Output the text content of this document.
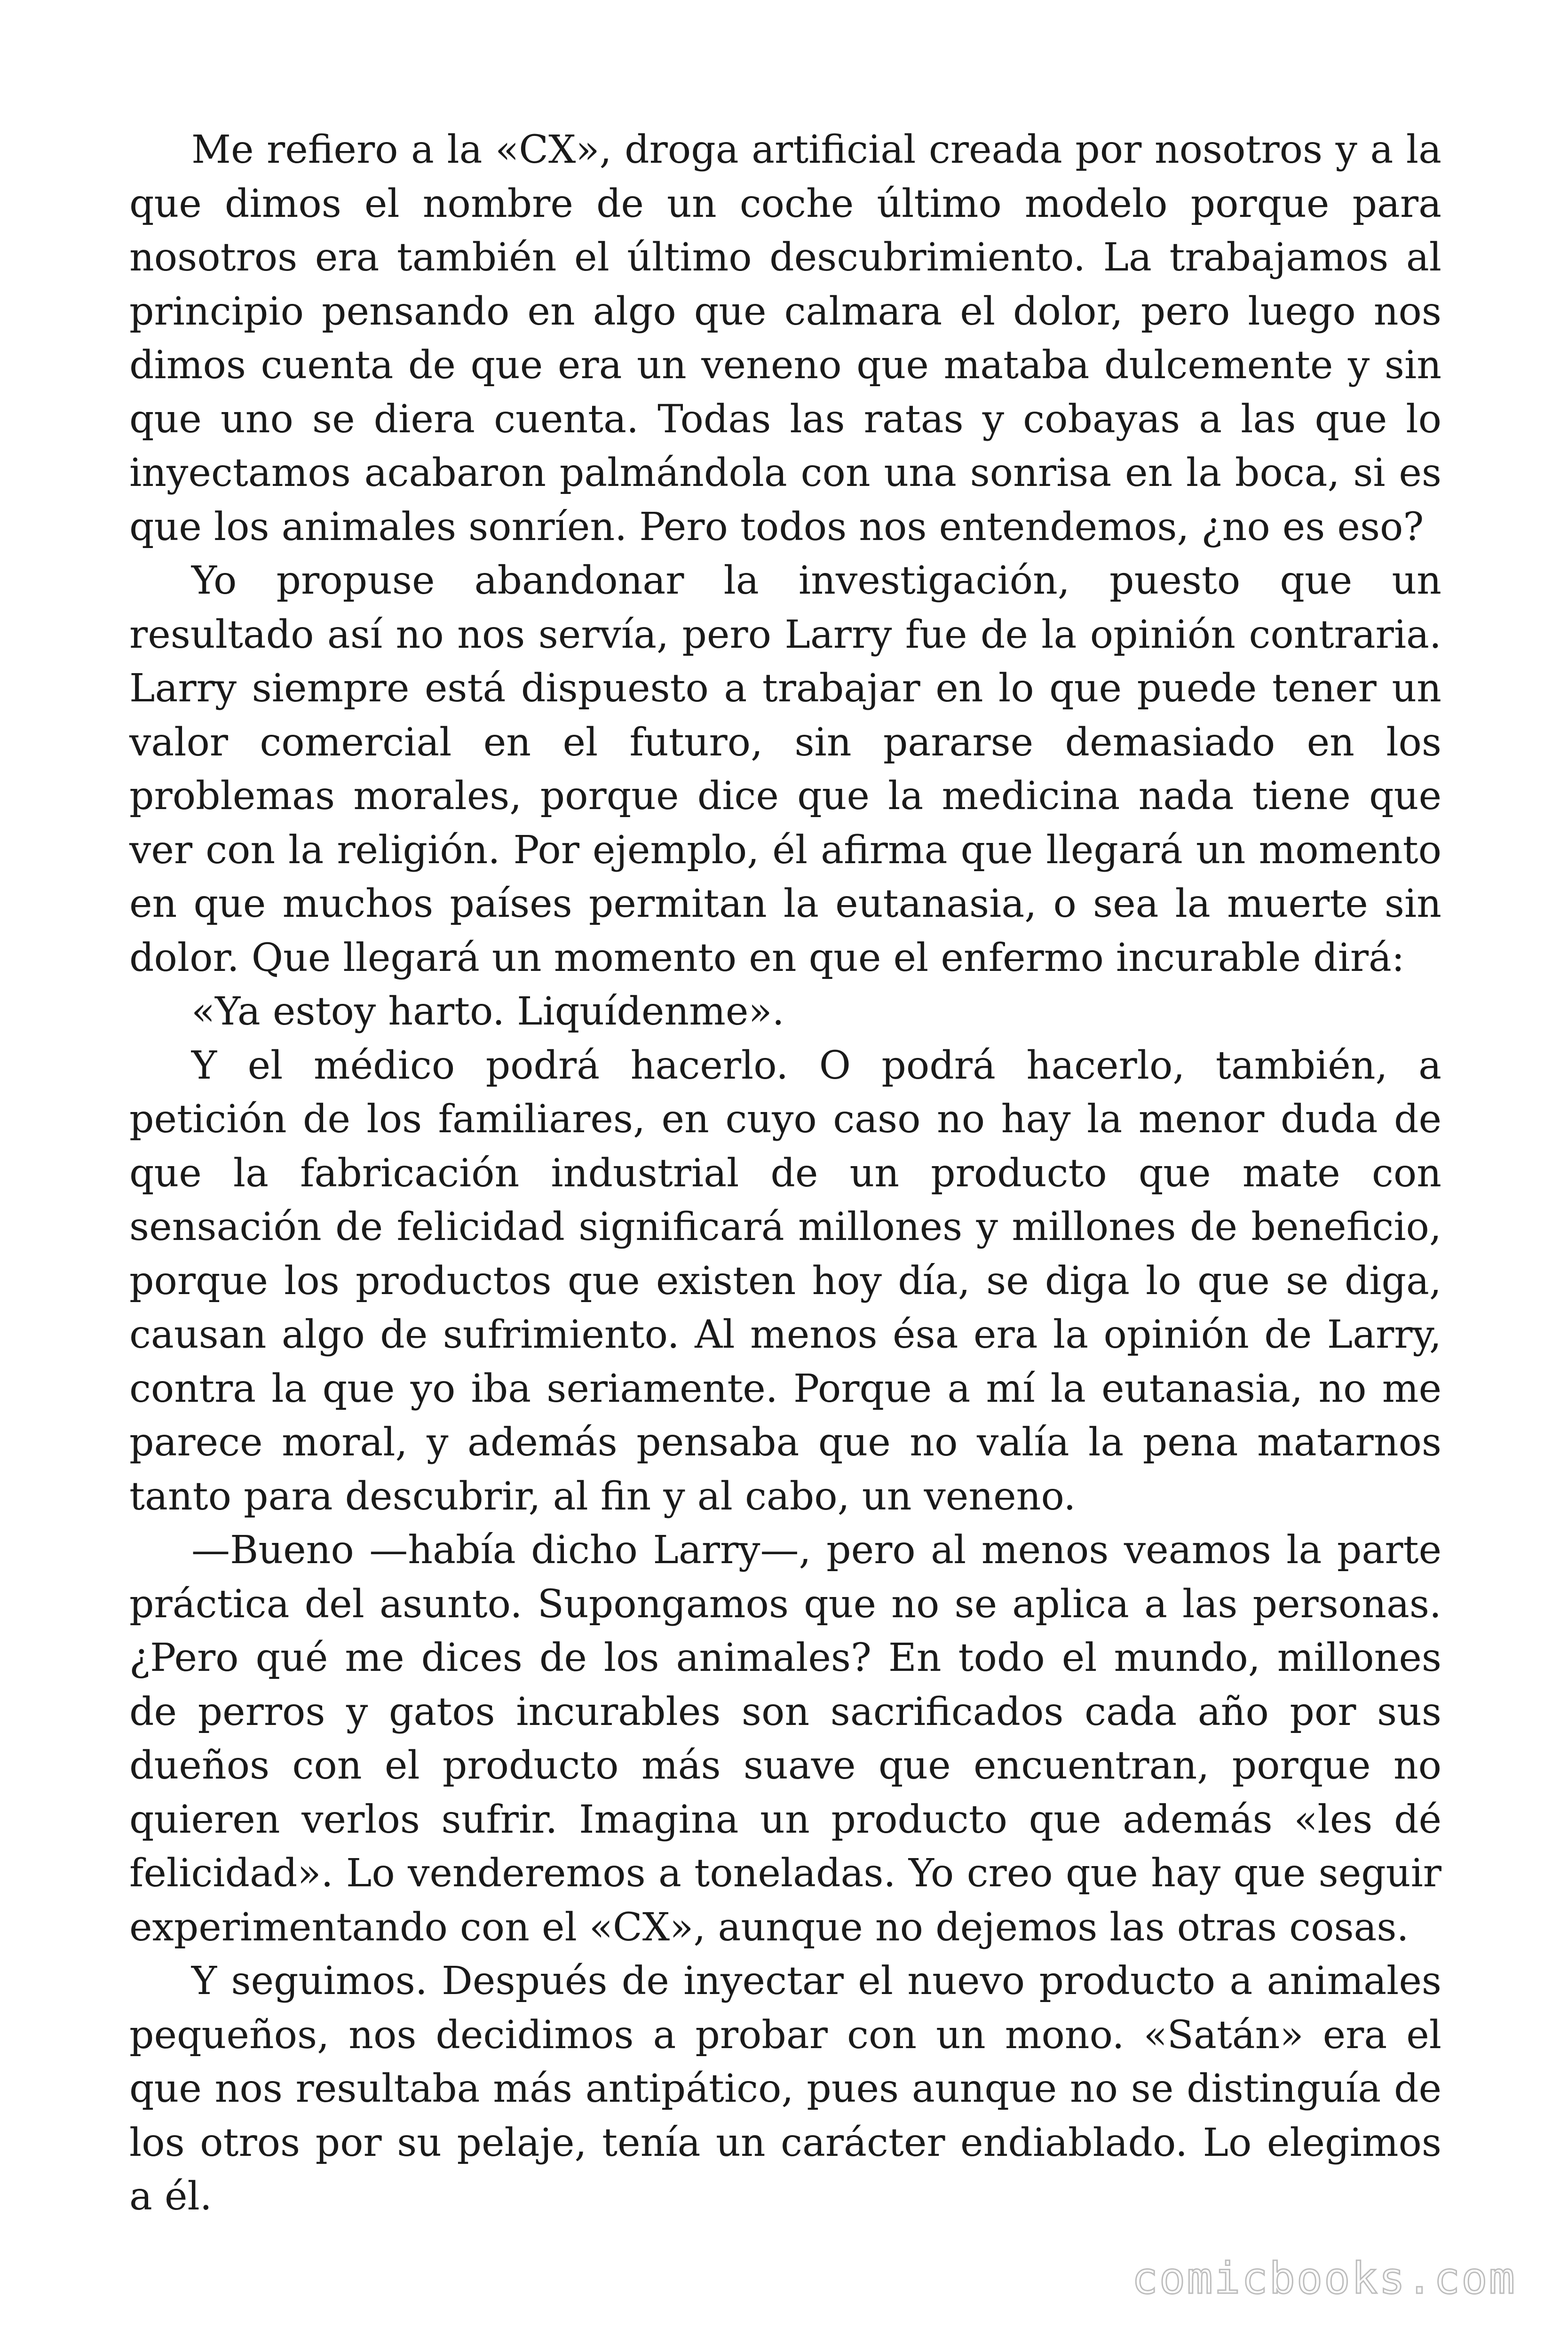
Me refiero a la «CX», droga artificial creada por nosotros y a la que dimos el nombre de un coche último modelo porque para nosotros era también el último descubrimiento. La trabajamos al principio pensando en algo que calmara el dolor, pero luego nos dimos cuenta de que era un veneno que mataba dulcemente y sin que uno se diera cuenta. Todas las ratas y cobayas a las que lo inyectamos acabaron palmándola con una sonrisa en la boca, si es que los animales sonríen. Pero todos nos entendemos, ¿no es eso?

Yo propuse abandonar la investigación, puesto que un resultado así no nos servía, pero Larry fue de la opinión contraria. Larry siempre está dispuesto a trabajar en lo que puede tener un valor comercial en el futuro, sin pararse demasiado en los problemas morales, porque dice que la medicina nada tiene que ver con la religión. Por ejemplo, él afirma que llegará un momento en que muchos países permitan la eutanasia, o sea la muerte sin dolor. Que llegará un momento en que el enfermo incurable dirá:

«Ya estoy harto. Liquídenme».

Y el médico podrá hacerlo. O podrá hacerlo, también, a petición de los familiares, en cuyo caso no hay la menor duda de que la fabricación industrial de un producto que mate con sensación de felicidad significará millones y millones de beneficio, porque los productos que existen hoy día, se diga lo que se diga, causan algo de sufrimiento. Al menos ésa era la opinión de Larry, contra la que yo iba seriamente. Porque a mí la eutanasia, no me parece moral, y además pensaba que no valía la pena matarnos tanto para descubrir, al fin y al cabo, un veneno.

—Bueno —había dicho Larry—, pero al menos veamos la parte práctica del asunto. Supongamos que no se aplica a las personas. ¿Pero qué me dices de los animales? En todo el mundo, millones de perros y gatos incurables son sacrificados cada año por sus dueños con el producto más suave que encuentran, porque no quieren verlos sufrir. Imagina un producto que además «les dé felicidad». Lo venderemos a toneladas. Yo creo que hay que seguir experimentando con el «CX», aunque no dejemos las otras cosas.

Y seguimos. Después de inyectar el nuevo producto a animales pequeños, nos decidimos a probar con un mono. «Satán» era el que nos resultaba más antipático, pues aunque no se distinguía de los otros por su pelaje, tenía un carácter endiablado. Lo elegimos a él.

comicbooks.com
